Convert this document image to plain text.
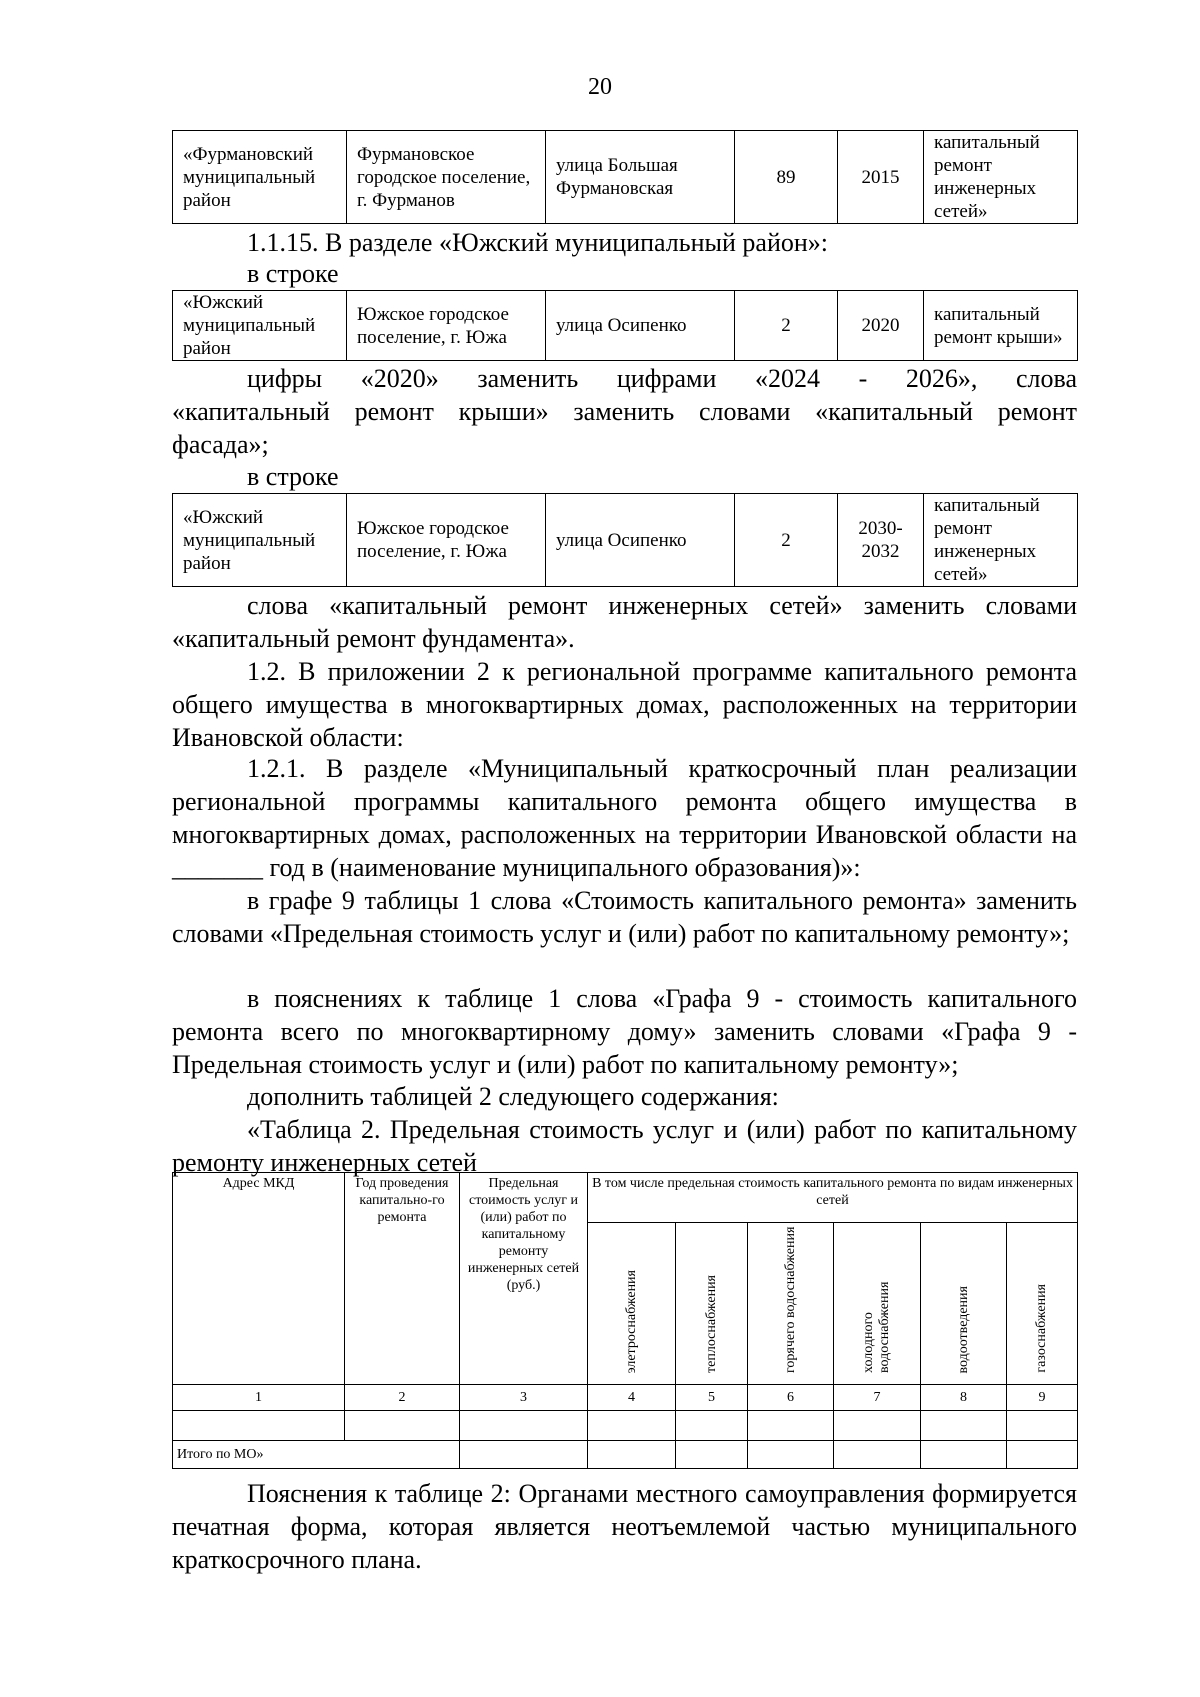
20
«Фурмановский муниципальный район	Фурмановское городское поселение, г. Фурманов	улица Большая Фурмановская	89	2015	капитальный ремонт инженерных сетей»
1.1.15. В разделе «Южский муниципальный район»:
в строке
«Южский муниципальный район	Южское городское поселение, г. Южа	улица Осипенко	2	2020	капитальный ремонт крыши»
цифры «2020» заменить цифрами «2024 - 2026», слова
«капитальный ремонт крыши» заменить словами «капитальный ремонт
фасада»;
в строке
«Южский муниципальный район	Южское городское поселение, г. Южа	улица Осипенко	2	2030-2032	капитальный ремонт инженерных сетей»
слова «капитальный ремонт инженерных сетей» заменить словами «капитальный ремонт фундамента».
1.2. В приложении 2 к региональной программе капитального ремонта общего имущества в многоквартирных домах, расположенных на территории Ивановской области:
1.2.1. В разделе «Муниципальный краткосрочный план реализации региональной программы капитального ремонта общего имущества в многоквартирных домах, расположенных на территории Ивановской области на _______ год в (наименование муниципального образования)»:
в графе 9 таблицы 1 слова «Стоимость капитального ремонта» заменить словами «Предельная стоимость услуг и (или) работ по капитальному ремонту»;
в пояснениях к таблице 1 слова «Графа 9 - стоимость капитального ремонта всего по многоквартирному дому» заменить словами «Графа 9 - Предельная стоимость услуг и (или) работ по капитальному ремонту»;
дополнить таблицей 2 следующего содержания:
«Таблица 2. Предельная стоимость услуг и (или) работ по капитальному ремонту инженерных сетей
Адрес МКД	Год проведения капитально-го ремонта	Предельная стоимость услуг и (или) работ по капитальному ремонту инженерных сетей (руб.)	В том числе предельная стоимость капитального ремонта по видам инженерных сетей					
			элетроснабжения	теплоснабжения	горячего водоснабжения	холодного водоснабжения	водоотведения	газоснабжения
1	2	3	4	5	6	7	8	9

Итого по МО»								
Пояснения к таблице 2: Органами местного самоуправления формируется печатная форма, которая является неотъемлемой частью муниципального краткосрочного плана.
